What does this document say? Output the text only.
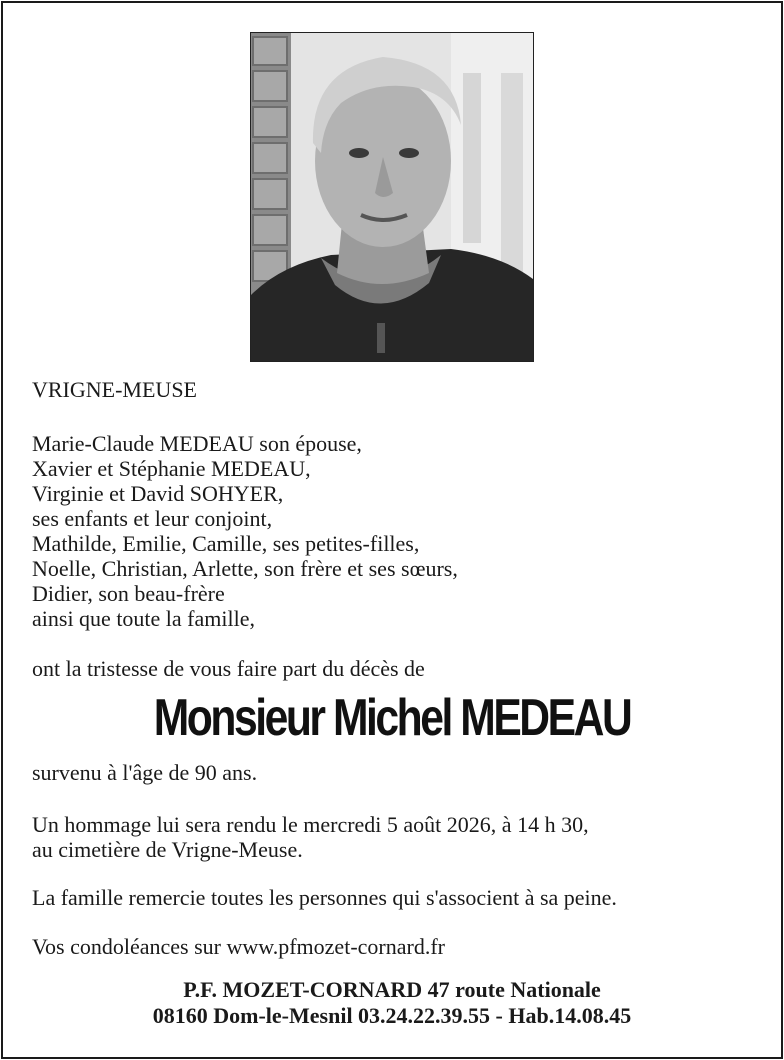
VRIGNE-MEUSE
Marie-Claude MEDEAU son épouse,
Xavier et Stéphanie MEDEAU,
Virginie et David SOHYER,
ses enfants et leur conjoint,
Mathilde, Emilie, Camille, ses petites-filles,
Noelle, Christian, Arlette, son frère et ses sœurs,
Didier, son beau-frère
ainsi que toute la famille,
ont la tristesse de vous faire part du décès de
Monsieur Michel MEDEAU
survenu à l'âge de 90 ans.
Un hommage lui sera rendu le mercredi 5 août 2026, à 14 h 30,
au cimetière de Vrigne-Meuse.
La famille remercie toutes les personnes qui s'associent à sa peine.
Vos condoléances sur www.pfmozet-cornard.fr
P.F. MOZET-CORNARD 47 route Nationale
08160 Dom-le-Mesnil 03.24.22.39.55 - Hab.14.08.45
